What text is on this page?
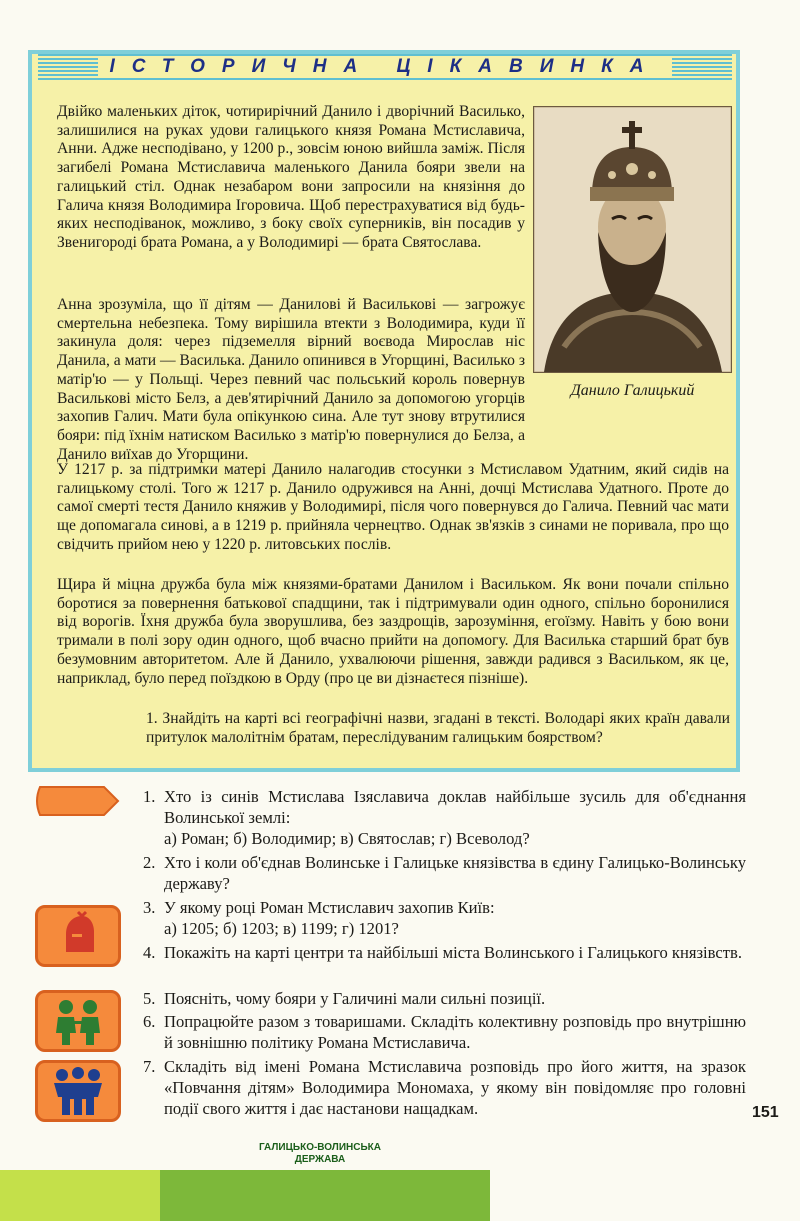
ІСТОРИЧНА ЦІКАВИНКА

Двійко маленьких діток, чотирирічний Данило і дворічний Василько, залишилися на руках удови галицького князя Романа Мстиславича, Анни. Адже несподівано, у 1200 р., зовсім юною вийшла заміж. Після загибелі Романа Мстиславича маленького Данила бояри звели на галицький стіл. Однак незабаром вони запросили на князіння до Галича князя Володимира Ігоровича. Щоб перестрахуватися від будь-яких несподіванок, можливо, з боку своїх суперників, він посадив у Звенигороді брата Романа, а у Володимирі — брата Святослава.

Анна зрозуміла, що її дітям — Данилові й Васильковi — загрожує смертельна небезпека. Тому вирішила втекти з Володимира, куди її закинула доля: через підземелля вірний воєвода Мирослав ніс Данила, а мати — Василька. Данило опинився в Угорщині, Василько з матір'ю — у Польщі. Через певний час польський король повернув Василькові місто Белз, а дев'ятирічний Данило за допомогою угорців захопив Галич. Мати була опікункою сина. Але тут знову втрутилися бояри: під їхнім натиском Василько з матір'ю повернулися до Белза, а Данило виїхав до Угорщини.

У 1217 р. за підтримки матері Данило налагодив стосунки з Мстиславом Удатним, який сидів на галицькому столі. Того ж 1217 р. Данило одружився на Анні, дочці Мстислава Удатного. Проте до самої смерті тестя Данило княжив у Володимирі, після чого повернувся до Галича. Певний час мати ще допомагала синові, а в 1219 р. прийняла чернецтво. Однак зв'язків з синами не поривала, про що свідчить прийом нею у 1220 р. литовських послів.

Щира й міцна дружба була між князями-братами Данилом і Васильком. Як вони почали спільно боротися за повернення батькової спадщини, так і підтримували один одного, спільно боронилися від ворогів. Їхня дружба була зворушлива, без заздрощів, зарозуміння, егоїзму. Навіть у бою вони тримали в полі зору один одного, щоб вчасно прийти на допомогу. Для Василька старший брат був безумовним авторитетом. Але й Данило, ухвалюючи рішення, завжди радився з Васильком, як це, наприклад, було перед поїздкою в Орду (про це ви дізнаєтеся пізніше).

1. Знайдіть на карті всі географічні назви, згадані в тексті. Володарі яких країн давали притулок малолітнім братам, переслідуваним галицьким боярством?

Данило Галицький
1. Хто із синів Мстислава Ізяславича доклав найбільше зусиль для об'єднання Волинської землі:

а) Роман; б) Володимир; в) Святослав; г) Всеволод?

2. Хто і коли об'єднав Волинське і Галицьке князівства в єдину Галицько-Волинську державу?

3. У якому році Роман Мстиславич захопив Київ:

а) 1205; б) 1203; в) 1199; г) 1201?

4. Покажіть на карті центри та найбільші міста Волинського і Галицького князівств.

5. Поясніть, чому бояри у Галичині мали сильні позиції.

6. Попрацюйте разом з товаришами. Складіть колективну розповідь про внутрішню й зовнішню політику Романа Мстиславича.

7. Складіть від імені Романа Мстиславича розповідь про його життя, на зразок «Повчання дітям» Володимира Мономаха, у якому він повідомляє про головні події свого життя і дає настанови нащадкам.	151
ГАЛИЦЬКО-ВОЛИНСЬКА
ДЕРЖАВА
